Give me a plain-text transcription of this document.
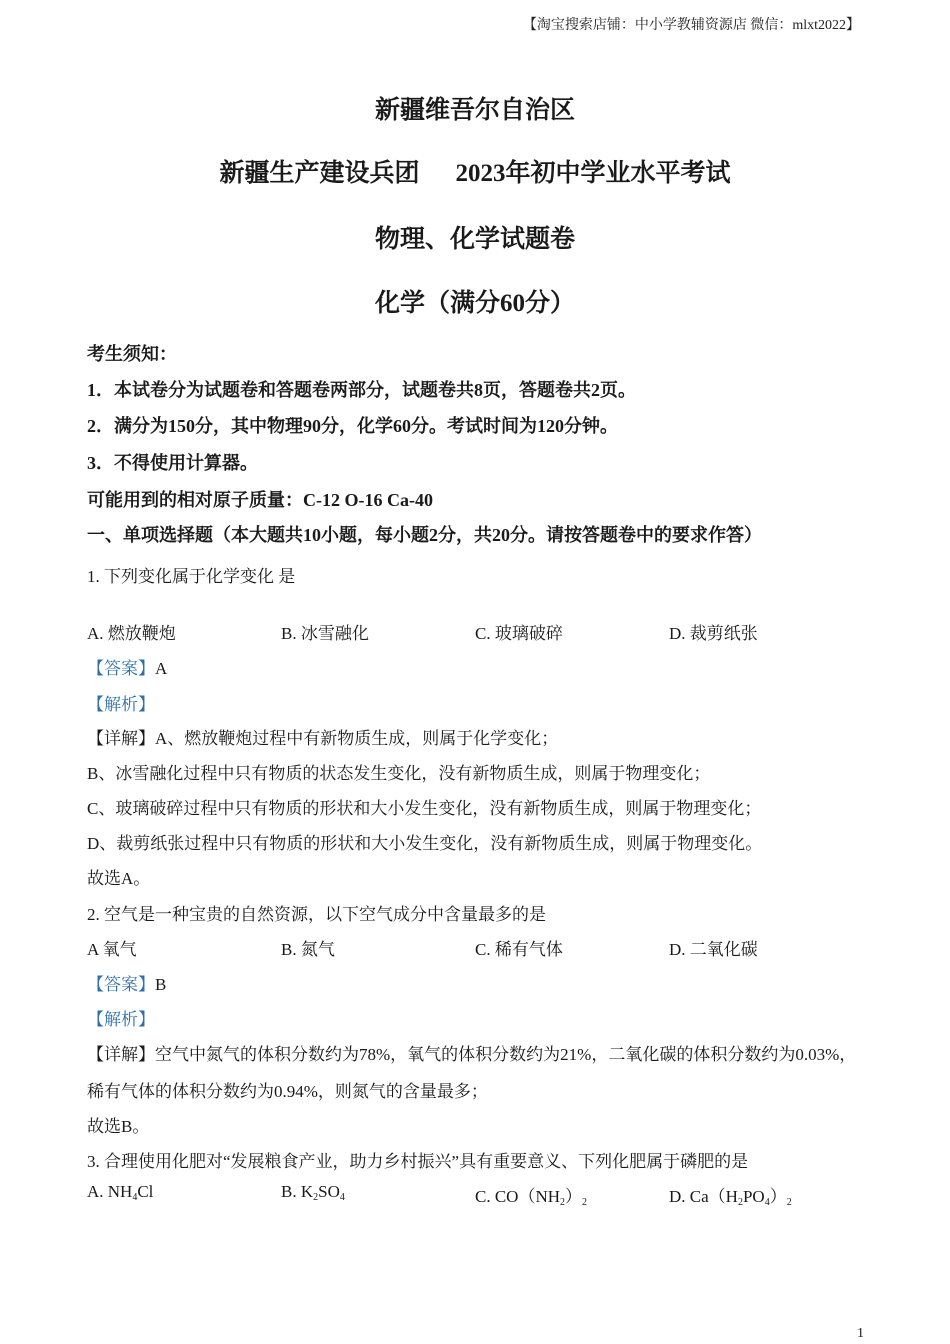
【淘宝搜索店铺：中小学教辅资源店 微信：mlxt2022】
新疆维吾尔自治区
新疆生产建设兵团 2023年初中学业水平考试
物理、化学试题卷
化学（满分60分）
考生须知：
1．本试卷分为试题卷和答题卷两部分，试题卷共8页，答题卷共2页。
2．满分为150分，其中物理90分，化学60分。考试时间为120分钟。
3．不得使用计算器。
可能用到的相对原子质量：C-12 O-16 Ca-40
一、单项选择题（本大题共10小题，每小题2分，共20分。请按答题卷中的要求作答）
1. 下列变化属于化学变化 是
A. 燃放鞭炮	B. 冰雪融化	C. 玻璃破碎	D. 裁剪纸张
【答案】A
【解析】
【详解】A、燃放鞭炮过程中有新物质生成，则属于化学变化；
B、冰雪融化过程中只有物质的状态发生变化，没有新物质生成，则属于物理变化；
C、玻璃破碎过程中只有物质的形状和大小发生变化，没有新物质生成，则属于物理变化；
D、裁剪纸张过程中只有物质的形状和大小发生变化，没有新物质生成，则属于物理变化。
故选A。
2. 空气是一种宝贵的自然资源，以下空气成分中含量最多的是
A 氧气	B. 氮气	C. 稀有气体	D. 二氧化碳
【答案】B
【解析】
【详解】空气中氮气的体积分数约为78%，氧气的体积分数约为21%，二氧化碳的体积分数约为0.03%，
稀有气体的体积分数约为0.94%，则氮气的含量最多；
故选B。
3. 合理使用化肥对“发展粮食产业，助力乡村振兴”具有重要意义、下列化肥属于磷肥的是
A. $NH_4Cl$	B. $K_2SO_4$	C. $CO(NH_2)_2$	D. $Ca(H_2PO_4)_2$
1
